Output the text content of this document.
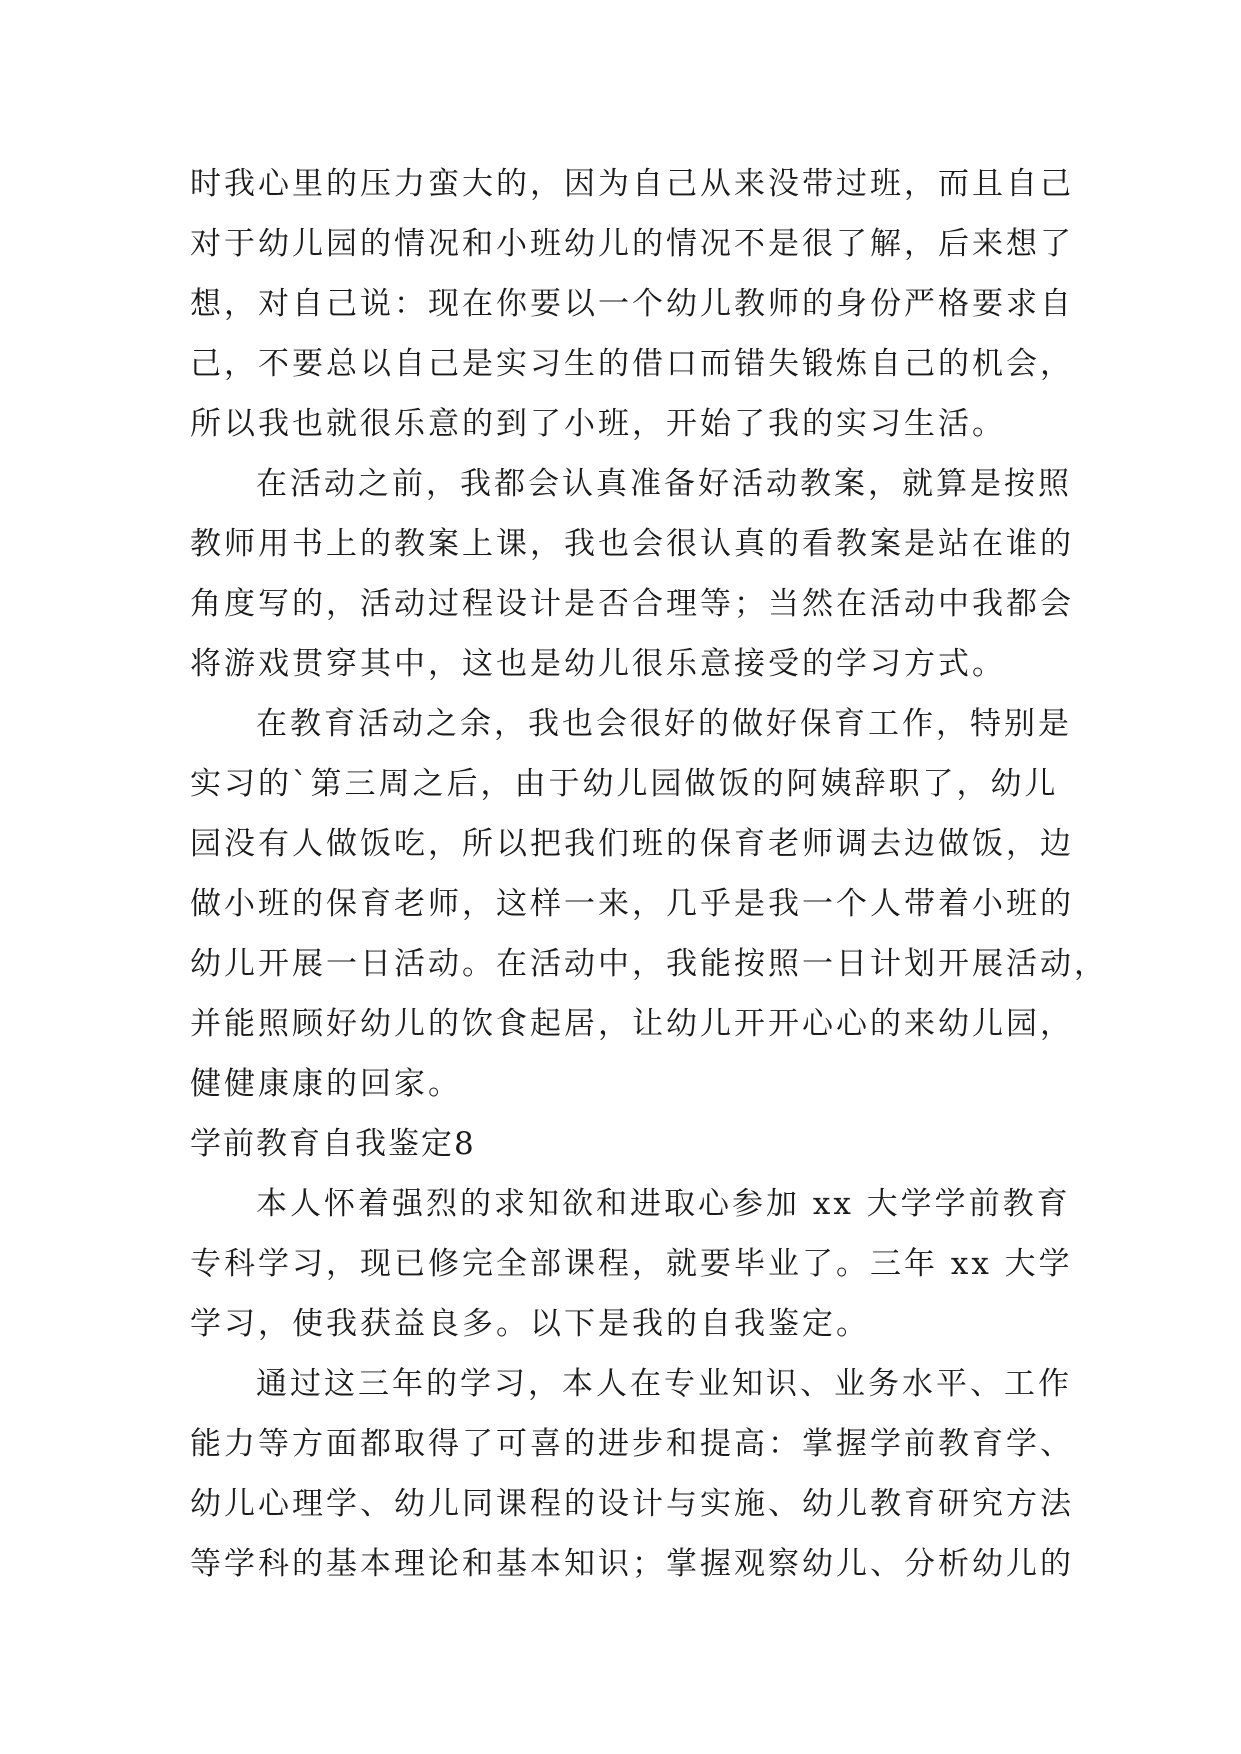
时我心里的压力蛮大的，因为自己从来没带过班，而且自己
对于幼儿园的情况和小班幼儿的情况不是很了解，后来想了
想，对自己说：现在你要以一个幼儿教师的身份严格要求自
己，不要总以自己是实习生的借口而错失锻炼自己的机会，
所以我也就很乐意的到了小班，开始了我的实习生活。
在活动之前，我都会认真准备好活动教案，就算是按照
教师用书上的教案上课，我也会很认真的看教案是站在谁的
角度写的，活动过程设计是否合理等；当然在活动中我都会
将游戏贯穿其中，这也是幼儿很乐意接受的学习方式。
在教育活动之余，我也会很好的做好保育工作，特别是
实习的`第三周之后，由于幼儿园做饭的阿姨辞职了，幼儿
园没有人做饭吃，所以把我们班的保育老师调去边做饭，边
做小班的保育老师，这样一来，几乎是我一个人带着小班的
幼儿开展一日活动。在活动中，我能按照一日计划开展活动，
并能照顾好幼儿的饮食起居，让幼儿开开心心的来幼儿园，
健健康康的回家。
学前教育自我鉴定8
本人怀着强烈的求知欲和进取心参加 xx 大学学前教育
专科学习，现已修完全部课程，就要毕业了。三年 xx 大学
学习，使我获益良多。以下是我的自我鉴定。
通过这三年的学习，本人在专业知识、业务水平、工作
能力等方面都取得了可喜的进步和提高：掌握学前教育学、
幼儿心理学、幼儿同课程的设计与实施、幼儿教育研究方法
等学科的基本理论和基本知识；掌握观察幼儿、分析幼儿的
